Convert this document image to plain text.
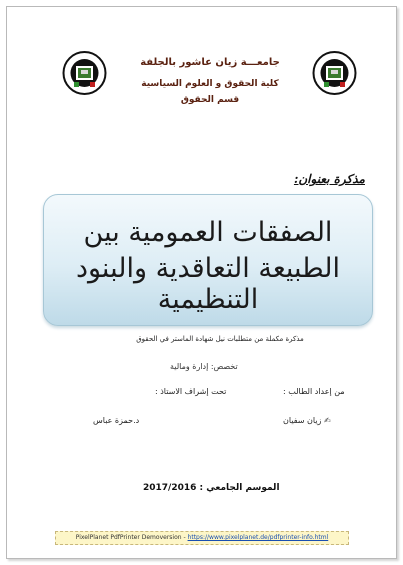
جامعـــة زيان عاشور بالجلفة
كلية الحقوق و العلوم السياسية
قسم الحقوق
مذكرة بعنوان:
الصفقات العمومية بين
الطبيعة التعاقدية والبنود التنظيمية
مذكرة مكملة من متطلبات نيل شهادة الماستر في الحقوق
تخصص: إدارة ومالية
من إعداد الطالب :
تحت إشراف الاستاذ :
✍ زيان سفيان
د.حمزة عباس
الموسم الجامعي : 2017/2016
PixelPlanet PdfPrinter Demoversion - https://www.pixelplanet.de/pdfprinter-info.html
